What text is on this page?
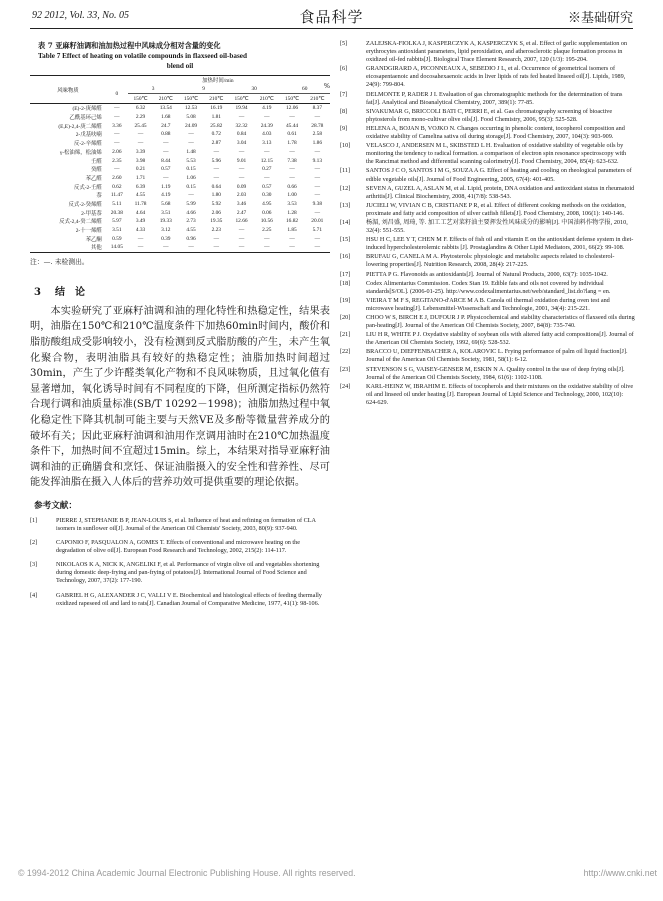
92 2012, Vol. 33, No. 05	食品科学	※基础研究
表 7 亚麻籽油调和油加热过程中风味成分相对含量的变化
Table 7 Effect of heating on volatile compounds in flaxseed oil-based
blend oil
%
风味物质	加热时间/min								
	0	3		9		30		60	
		150℃	210℃	150℃	210℃	150℃	210℃	150℃	210℃
(E)-2-庚烯醛	—	6.32	13.54	12.53	16.19	19.94	4.19	12.06	8.37
乙酰基环己烯	—	2.29	1.68	5.08	1.81	—	—	—	—
(E,E)-2,4-庚二烯醛	3.36	25.45	24.7	24.09	25.82	32.32	24.39	45.44	28.78
2-戊基呋喃	—	—	0.88	—	0.72	0.84	4.03	0.61	2.58
反-2-辛烯醛	—	—	—	—	2.87	3.04	3.13	1.78	1.86
γ-松油烯，松油烯	2.06	3.39	—	1.48	—	—	—	—	—
壬醛	2.35	3.98	8.44	5.53	5.96	9.01	12.15	7.38	9.13
癸醛	—	0.21	0.57	0.15	—	—	0.27	—	—
苯乙醛	2.60	1.71	—	1.06	—	—	—	—	—
反式-2-壬醛	0.62	6.39	1.19	0.15	0.64	0.09	0.57	0.66	—
萘	11.47	4.55	4.19	—	1.80	2.03	0.30	1.00	—
反式-2-癸烯醛	5.11	11.78	5.68	5.99	5.92	3.46	4.95	3.53	9.38
2-甲基萘	20.38	4.64	3.51	4.66	2.06	2.47	0.06	1.28	—
反式-2,4-癸二烯醛	5.97	3.49	19.33	2.73	19.35	12.66	10.56	16.82	20.01
2-十一烯醛	3.51	4.33	3.12	4.55	2.23	—	2.25	1.85	5.71
苯乙酮	0.59	—	0.39	0.96	—	—	—	—	—
其他	14.05	—	—	—	—	—	—	—	—
注：—. 未检测出。
3 结　论
本实验研究了亚麻籽油调和油的理化特性和热稳定性，结果表明，油脂在150℃和210℃温度条件下加热60min时间内，酸价和脂肪酸组成受影响较小，没有检测到反式脂肪酸的产生，未产生氧化聚合物，表明油脂具有较好的热稳定性；油脂加热时间超过30min，产生了少许醛类氧化产物和不良风味物质，且过氧化值有显著增加，氧化诱导时间有不同程度的下降，但所测定指标仍然符合现行调和油质量标准(SB/T 10292－1998)；油脂加热过程中氧化稳定性下降其机制可能主要与天然VE及多酚等微量营养成分的破坏有关；因此亚麻籽油调和油用作烹调用油时在210℃加热温度条件下，加热时间不宜超过15min。综上，本结果对指导亚麻籽油调和油的正确膳食和烹饪、保证油脂摄入的安全性和营养性、尽可能发挥油脂在摄入人体后的营养功效可提供重要的理论依据。
参考文献：
[1]	PIERRE J, STEPHANIE B P, JEAN-LOUIS S, et al. Influence of heat and refining on formation of CLA isomers in sunflower oil[J]. Journal of the American Oil Chemists' Society, 2003, 80(9): 937-940.
[2]	CAPONIO F, PASQUALON A, GOMES T. Effects of conventional and microwave heating on the degradation of olive oil[J]. European Food Research and Technology, 2002, 215(2): 114-117.
[3]	NIKOLAOS K A, NICK K, ANGELIKI F, et al. Performance of virgin olive oil and vegetables shortening during domestic deep-frying and pan-frying of potatoes[J]. International Journal of Food Science and Technology, 2007, 37(2): 177-190.
[4]	GABRIEL H G, ALEXANDER J C, VALLI V E. Biochemical and histological effects of feeding thermally oxidized rapeseed oil and lard to rats[J]. Canadian Journal of Comparative Medicine, 1977, 41(1): 98-106.
[5]	ZALEJSKA-FIOLKA J, KASPERCZYK A, KASPERCZYK S, et al. Effect of garlic supplementation on erythrocytes antioxidant parameters, lipid peroxidation, and atherosclerotic plaque formation process in oxidized oil-fed rabbits[J]. Biological Trace Element Research, 2007, 120 (1/3): 195-204.
[6]	GRANDGIRARD A, PICONNEAUX A, SEBEDIO J L, et al. Occurrence of geometrical isomers of eicosapentaenoic and docosahexaenoic acids in liver lipids of rats fed heated linseed oil[J]. Lipids, 1989, 24(9): 799-804.
[7]	DELMONTE P, RADER J I. Evaluation of gas chromatographic methods for the determination of trans fat[J]. Analytical and Bioanalytical Chemistry, 2007, 389(1): 77-85.
[8]	SIVAKUMAR G, BRICCOLI BATI C, PERRI E, et al. Gas chromatography screening of bioactive phytosterols from mono-cultivar olive oils[J]. Food Chemistry, 2006, 95(3): 525-528.
[9]	HELENA A, BOJAN B, VOJKO N. Changes occurring in phenolic content, tocopherol composition and oxidative stability of Camelina sativa oil during storage[J]. Food Chemistry, 2007, 104(3): 903-909.
[10]	VELASCO J, ANDERSEN M L, SKIBSTED L H. Evaluation of oxidative stability of vegetable oils by monitoring the tendency to radical formation. a comparison of electron spin resonance spectroscopy with the Rancimat method and differential scanning calorimetry[J]. Food Chemistry, 2004, 85(4): 623-632.
[11]	SANTOS J C O, SANTOS I M G, SOUZA A G. Effect of heating and cooling on rheological parameters of edible vegetable oils[J]. Journal of Food Engineering, 2005, 67(4): 401-405.
[12]	SEVEN A, GUZEL A, ASLAN M, et al. Lipid, protein, DNA oxidation and antioxidant status in rheumatoid arthritis[J]. Clinical Biochemistry, 2008, 41(7/8): 538-543.
[13]	JUCIELI W, VIVIAN C B, CRISTIANE P R, et al. Effect of different cooking methods on the oxidation, proximate and fatty acid composition of silver catfish fillets[J]. Food Chemistry, 2008, 106(1): 140-146.
[14]	杨湄, 刘昌盛, 周琦, 等. 加工工艺对菜籽油主要挥发性风味成分的影响[J]. 中国油料作物学报, 2010, 32(4): 551-555.
[15]	HSU H C, LEE Y T, CHEN M F. Effects of fish oil and vitamin E on the antioxidant defense system in diet-induced hypercholesterolemic rabbits [J]. Prostaglandins & Other Lipid Mediators, 2001, 66(2): 99-108.
[16]	BRUFAU G, CANELA M A. Phytosterols: physiologic and metabolic aspects related to cholesterol-lowering properties[J]. Nutrition Research, 2008, 28(4): 217-225.
[17]	PIETTA P G. Flavonoids as antioxidants[J]. Journal of Natural Products, 2000, 63(7): 1035-1042.
[18]	Codex Alimentarius Commission. Codex Stan 19. Edible fats and oils not covered by individual standards[S/OL]. (2006-01-25). http://www.codexalimentarius.net/web/standard_list.do?lang = en.
[19]	VIEIRA T M F S, REGITANO-d'ARCE M A B. Canola oil thermal oxidation during oven test and microwave heating[J]. Lebensmittel-Wissenschaft and Technologie, 2001, 34(4): 215-221.
[20]	CHOO W S, BIRCH E J, DUFOUR J P. Physicochemical and stability characteristics of flaxseed oils during pan-heating[J]. Journal of the American Oil Chemists Society, 2007, 84(8): 735-740.
[21]	LIU H R, WHITE P J. Oxydative stability of soybean oils with altered fatty acid compositions[J]. Journal of the American Oil Chemists Society, 1992, 69(6): 528-532.
[22]	BRACCO U, DIEFFENBACHER A, KOLAROVIC L. Frying performance of palm oil liquid fraction[J]. Journal of the American Oil Chemists Society, 1981, 58(1): 6-12.
[23]	STEVENSON S G, VAISEY-GENSER M, ESKIN N A. Quality control in the use of deep frying oils[J]. Journal of the American Oil Chemists Society, 1984, 61(6): 1102-1108.
[24]	KARL-HEINZ W, IBRAHIM E. Effects of tocopherols and their mixtures on the oxidative stability of olive oil and linseed oil under heating [J]. European Journal of Lipid Science and Technology, 2000, 102(10): 624-629.
© 1994-2012 China Academic Journal Electronic Publishing House. All rights reserved.	http://www.cnki.net
